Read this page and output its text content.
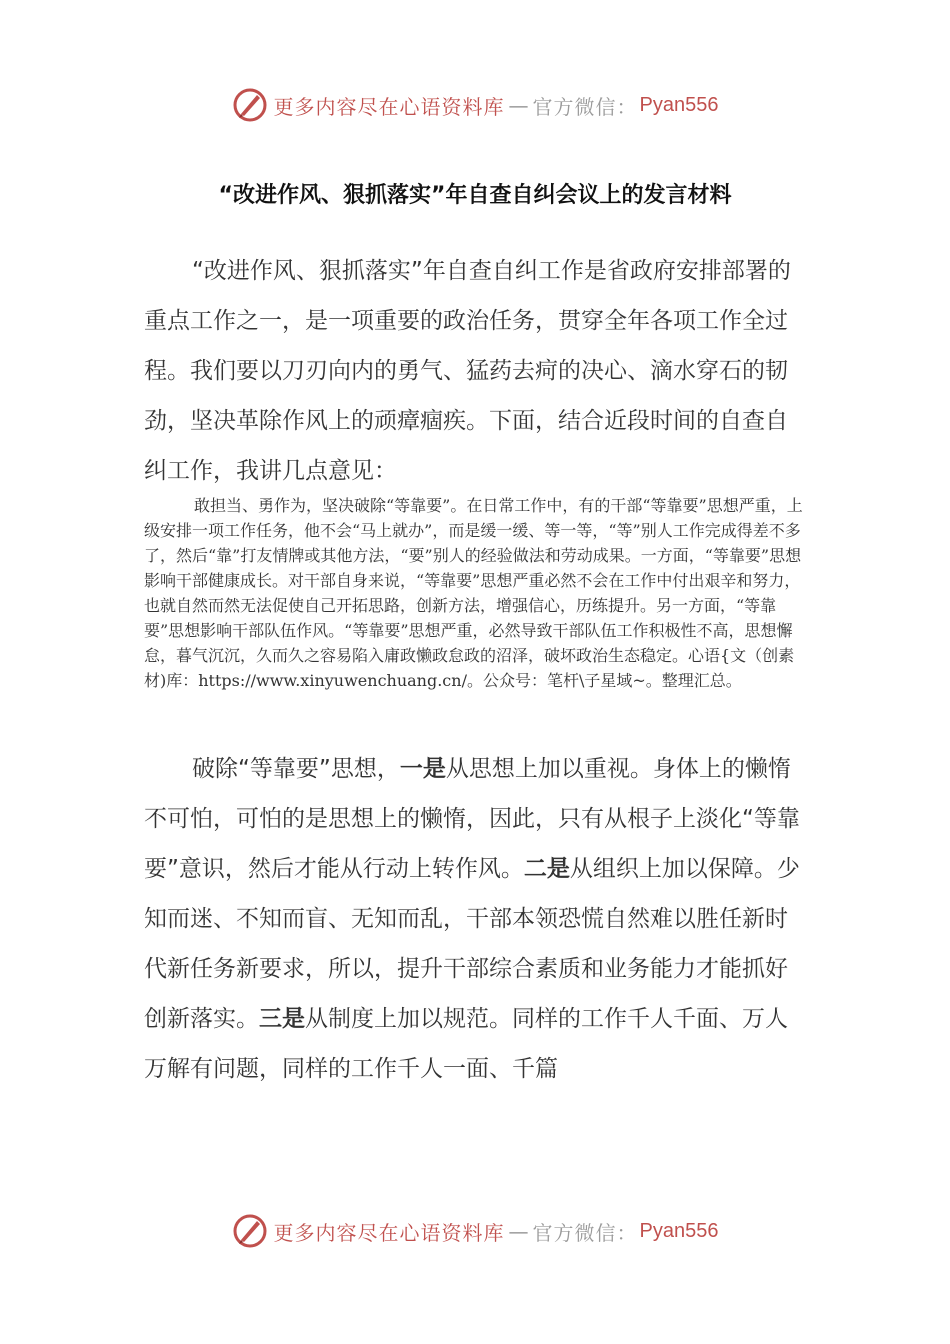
更多内容尽在心语资料库 — 官方微信： Pyan556
“改进作风、狠抓落实”年自查自纠会议上的发言材料

“改进作风、狠抓落实”年自查自纠工作是省政府安排部署的重点工作之一，是一项重要的政治任务，贯穿全年各项工作全过程。我们要以刀刃向内的勇气、猛药去疴的决心、滴水穿石的韧劲，坚决革除作风上的顽瘴痼疾。下面，结合近段时间的自查自纠工作，我讲几点意见：

敢担当、勇作为，坚决破除“等靠要”。在日常工作中，有的干部“等靠要”思想严重，上级安排一项工作任务，他不会“马上就办”，而是缓一缓、等一等，“等”别人工作完成得差不多了，然后“靠”打友情牌或其他方法，“要”别人的经验做法和劳动成果。一方面，“等靠要”思想影响干部健康成长。对干部自身来说，“等靠要”思想严重必然不会在工作中付出艰辛和努力，也就自然而然无法促使自己开拓思路，创新方法，增强信心，历练提升。另一方面，“等靠要”思想影响干部队伍作风。“等靠要”思想严重，必然导致干部队伍工作积极性不高，思想懈怠，暮气沉沉，久而久之容易陷入庸政懒政怠政的沼泽，破坏政治生态稳定。心语{文（创素材)库：https://www.xinyuwenchuang.cn/。公众号：笔杆\子星域~。整理汇总。

破除“等靠要”思想，一是从思想上加以重视。身体上的懒惰不可怕，可怕的是思想上的懒惰，因此，只有从根子上淡化“等靠要”意识，然后才能从行动上转作风。二是从组织上加以保障。少知而迷、不知而盲、无知而乱，干部本领恐慌自然难以胜任新时代新任务新要求，所以，提升干部综合素质和业务能力才能抓好创新落实。三是从制度上加以规范。同样的工作千人千面、万人万解有问题，同样的工作千人一面、千篇

更多内容尽在心语资料库 — 官方微信： Pyan556
